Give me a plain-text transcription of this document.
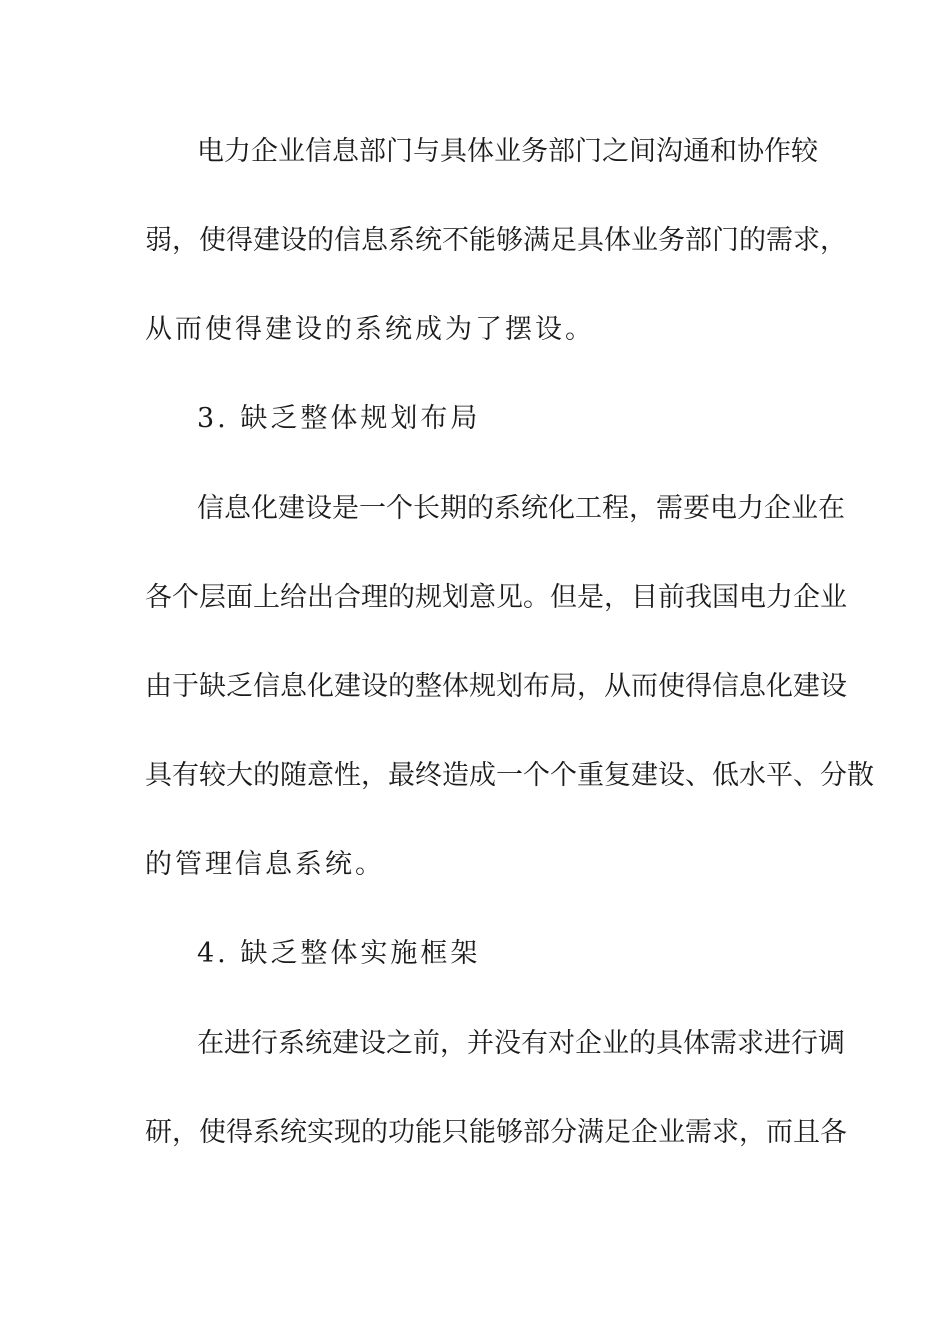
电力企业信息部门与具体业务部门之间沟通和协作较
弱，使得建设的信息系统不能够满足具体业务部门的需求，
从而使得建设的系统成为了摆设。
3. 缺乏整体规划布局
信息化建设是一个长期的系统化工程，需要电力企业在
各个层面上给出合理的规划意见。但是，目前我国电力企业
由于缺乏信息化建设的整体规划布局，从而使得信息化建设
具有较大的随意性，最终造成一个个重复建设、低水平、分散
的管理信息系统。
4. 缺乏整体实施框架
在进行系统建设之前，并没有对企业的具体需求进行调
研，使得系统实现的功能只能够部分满足企业需求，而且各
